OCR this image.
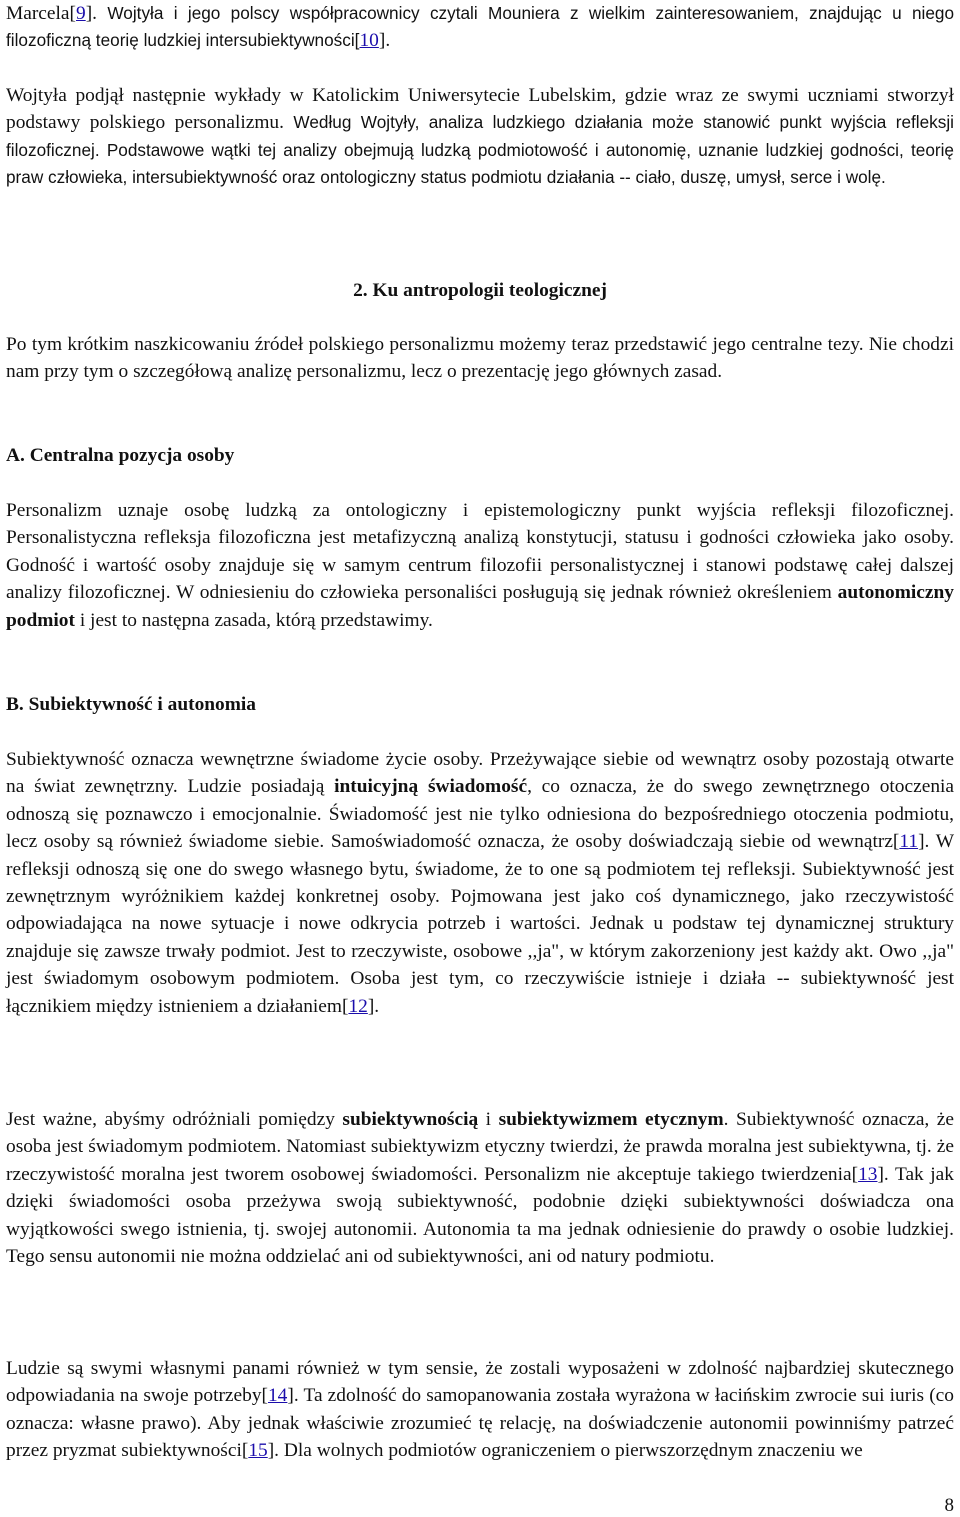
Marcela[9]. Wojtyła i jego polscy współpracownicy czytali Mouniera z wielkim zainteresowaniem, znajdując u niego filozoficzną teorię ludzkiej intersubiektywności[10].

Wojtyła podjął następnie wykłady w Katolickim Uniwersytecie Lubelskim, gdzie wraz ze swymi uczniami stworzył podstawy polskiego personalizmu. Według Wojtyły, analiza ludzkiego działania może stanowić punkt wyjścia refleksji filozoficznej. Podstawowe wątki tej analizy obejmują ludzką podmiotowość i autonomię, uznanie ludzkiej godności, teorię praw człowieka, intersubiektywność oraz ontologiczny status podmiotu działania -- ciało, duszę, umysł, serce i wolę.

2. Ku antropologii teologicznej

Po tym krótkim naszkicowaniu źródeł polskiego personalizmu możemy teraz przedstawić jego centralne tezy. Nie chodzi nam przy tym o szczegółową analizę personalizmu, lecz o prezentację jego głównych zasad.

A. Centralna pozycja osoby

Personalizm uznaje osobę ludzką za ontologiczny i epistemologiczny punkt wyjścia refleksji filozoficznej. Personalistyczna refleksja filozoficzna jest metafizyczną analizą konstytucji, statusu i godności człowieka jako osoby. Godność i wartość osoby znajduje się w samym centrum filozofii personalistycznej i stanowi podstawę całej dalszej analizy filozoficznej. W odniesieniu do człowieka personaliści posługują się jednak również określeniem autonomiczny podmiot i jest to następna zasada, którą przedstawimy.

B. Subiektywność i autonomia

Subiektywność oznacza wewnętrzne świadome życie osoby. Przeżywające siebie od wewnątrz osoby pozostają otwarte na świat zewnętrzny. Ludzie posiadają intuicyjną świadomość, co oznacza, że do swego zewnętrznego otoczenia odnoszą się poznawczo i emocjonalnie. Świadomość jest nie tylko odniesiona do bezpośredniego otoczenia podmiotu, lecz osoby są również świadome siebie. Samoświadomość oznacza, że osoby doświadczają siebie od wewnątrz[11]. W refleksji odnoszą się one do swego własnego bytu, świadome, że to one są podmiotem tej refleksji. Subiektywność jest zewnętrznym wyróżnikiem każdej konkretnej osoby. Pojmowana jest jako coś dynamicznego, jako rzeczywistość odpowiadająca na nowe sytuacje i nowe odkrycia potrzeb i wartości. Jednak u podstaw tej dynamicznej struktury znajduje się zawsze trwały podmiot. Jest to rzeczywiste, osobowe ,,ja", w którym zakorzeniony jest każdy akt. Owo ,,ja" jest świadomym osobowym podmiotem. Osoba jest tym, co rzeczywiście istnieje i działa -- subiektywność jest łącznikiem między istnieniem a działaniem[12].

Jest ważne, abyśmy odróżniali pomiędzy subiektywnością i subiektywizmem etycznym. Subiektywność oznacza, że osoba jest świadomym podmiotem. Natomiast subiektywizm etyczny twierdzi, że prawda moralna jest subiektywna, tj. że rzeczywistość moralna jest tworem osobowej świadomości. Personalizm nie akceptuje takiego twierdzenia[13]. Tak jak dzięki świadomości osoba przeżywa swoją subiektywność, podobnie dzięki subiektywności doświadcza ona wyjątkowości swego istnienia, tj. swojej autonomii. Autonomia ta ma jednak odniesienie do prawdy o osobie ludzkiej. Tego sensu autonomii nie można oddzielać ani od subiektywności, ani od natury podmiotu.

Ludzie są swymi własnymi panami również w tym sensie, że zostali wyposażeni w zdolność najbardziej skutecznego odpowiadania na swoje potrzeby[14]. Ta zdolność do samopanowania została wyrażona w łacińskim zwrocie sui iuris (co oznacza: własne prawo). Aby jednak właściwie zrozumieć tę relację, na doświadczenie autonomii powinniśmy patrzeć przez pryzmat subiektywności[15]. Dla wolnych podmiotów ograniczeniem o pierwszorzędnym znaczeniu we

8
